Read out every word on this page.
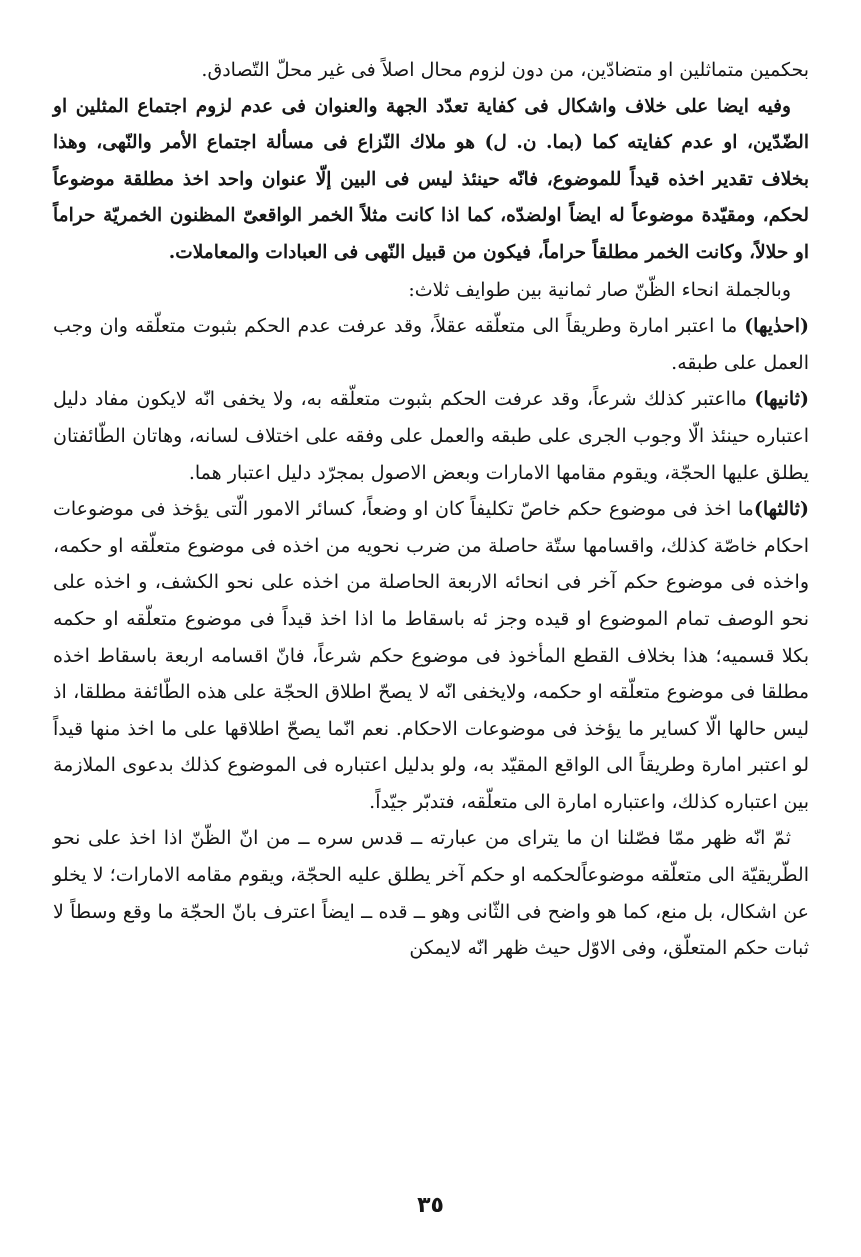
بحكمين متماثلين او متضادّين، من دون لزوم محال اصلاً فى غير محلّ التّصادق.

وفيه ايضا على خلاف واشكال فى كفاية تعدّد الجهة والعنوان فى عدم لزوم اجتماع المثلين او الضّدّين، او عدم كفايته كما (بما. ن. ل) هو ملاك النّزاع فى مسألة اجتماع الأمر والنّهى، وهذا بخلاف تقدير اخذه قيداً للموضوع، فانّه حينئذ ليس فى البين إلّا عنوان واحد اخذ مطلقة موضوعاً لحكم، ومقيّدة موضوعاً له ايضاً اولضدّه، كما اذا كانت مثلاً الخمر الواقعىّ المظنون الخمريّة حراماً او حلالاً، وكانت الخمر مطلقاً حراماً، فيكون من قبيل النّهى فى العبادات والمعاملات.

وبالجملة انحاء الظّنّ صار ثمانية بين طوايف ثلاث:

(احدٰيها) ما اعتبر امارة وطريقاً الى متعلّقه عقلاً، وقد عرفت عدم الحكم بثبوت متعلّقه وان وجب العمل على طبقه.

(ثانيها) مااعتبر كذلك شرعاً، وقد عرفت الحكم بثبوت متعلّقه به، ولا يخفى انّه لايكون مفاد دليل اعتباره حينئذ الّا وجوب الجرى على طبقه والعمل على وفقه على اختلاف لسانه، وهاتان الطّائفتان يطلق عليها الحجّة، ويقوم مقامها الامارات وبعض الاصول بمجرّد دليل اعتبار هما.

(ثالثها)ما اخذ فى موضوع حكم خاصّ تكليفاً كان او وضعاً، كسائر الامور الّتى يؤخذ فى موضوعات احكام خاصّة كذلك، واقسامها ستّة حاصلة من ضرب نحويه من اخذه فى موضوع متعلّقه او حكمه، واخذه فى موضوع حكم آخر فى انحائه الاربعة الحاصلة من اخذه على نحو الكشف، و اخذه على نحو الوصف تمام الموضوع او قيده وجز ئه باسقاط ما اذا اخذ قيداً فى موضوع متعلّقه او حكمه بكلا قسميه؛ هذا بخلاف القطع المأخوذ فى موضوع حكم شرعاً، فانّ اقسامه اربعة باسقاط اخذه مطلقا فى موضوع متعلّقه او حكمه، ولايخفى انّه لا يصحّ اطلاق الحجّة على هذه الطّائفة مطلقا، اذ ليس حالها الّا كساير ما يؤخذ فى موضوعات الاحكام. نعم انّما يصحّ اطلاقها على ما اخذ منها قيداً لو اعتبر امارة وطريقاً الى الواقع المقيّد به، ولو بدليل اعتباره فى الموضوع كذلك بدعوى الملازمة بين اعتباره كذلك، واعتباره امارة الى متعلّقه، فتدبّر جيّداً.

ثمّ انّه ظهر ممّا فصّلنا ان ما يترای من عبارته ــ قدس سره ــ من انّ الظّنّ اذا اخذ على نحو الطّريقيّة الى متعلّقه موضوعاًلحكمه او حكم آخر يطلق عليه الحجّة، ويقوم مقامه الامارات؛ لا يخلو عن اشكال، بل منع، كما هو واضح فى الثّانى وهو ــ قده ــ ايضاً اعترف بانّ الحجّة ما وقع وسطاً لا ثبات حكم المتعلّق، وفى الاوّل حيث ظهر انّه لايمكن

٣٥
